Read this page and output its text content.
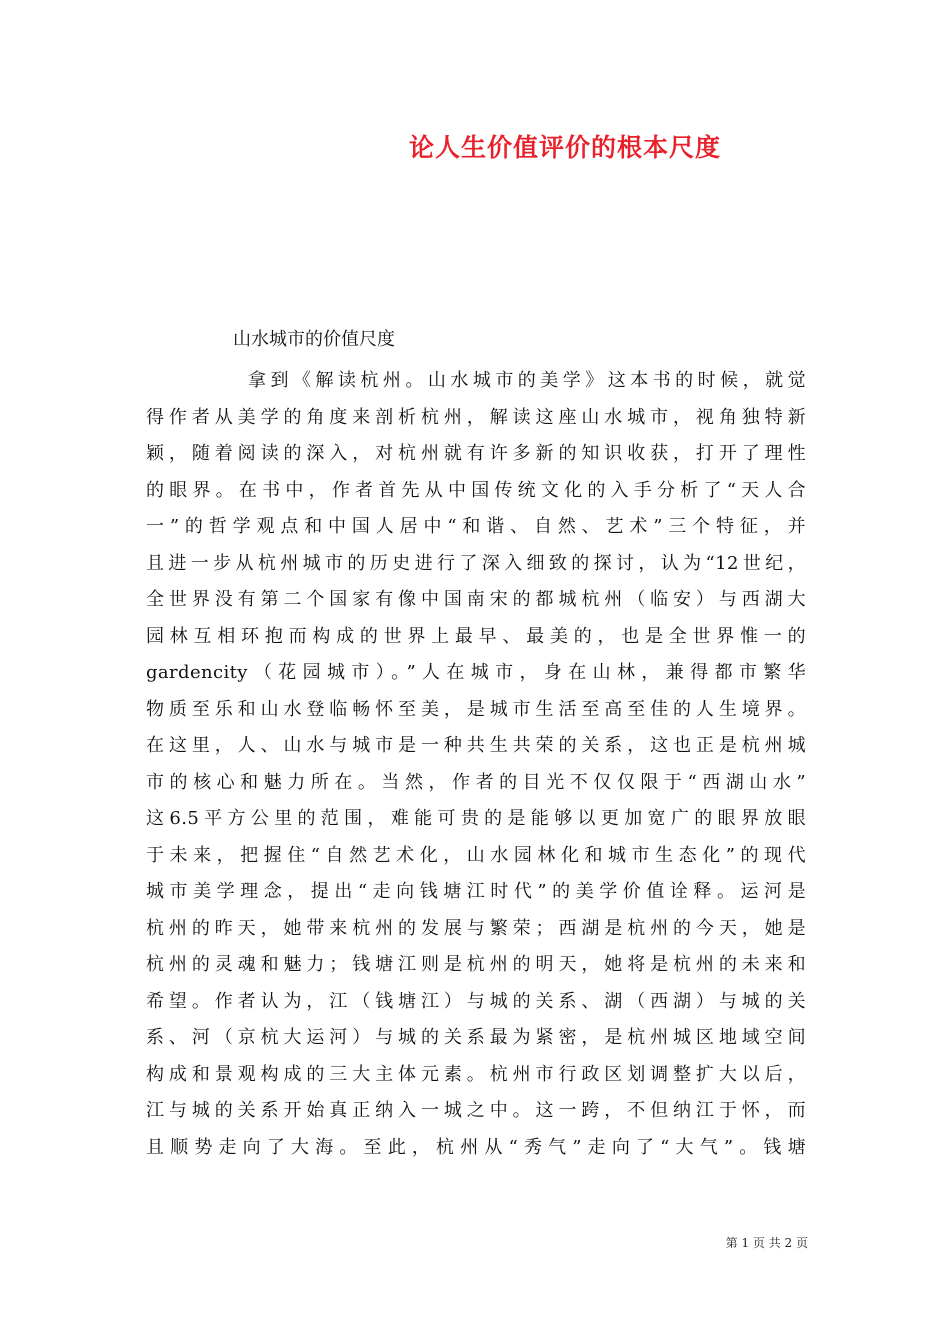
论人生价值评价的根本尺度
山水城市的价值尺度
拿到《解读杭州。山水城市的美学》这本书的时候，就觉
得作者从美学的角度来剖析杭州，解读这座山水城市，视角独特新
颖，随着阅读的深入，对杭州就有许多新的知识收获，打开了理性
的眼界。在书中，作者首先从中国传统文化的入手分析了“天人合
一”的哲学观点和中国人居中“和谐、自然、艺术”三个特征，并
且进一步从杭州城市的历史进行了深入细致的探讨，认为“12世纪，
全世界没有第二个国家有像中国南宋的都城杭州（临安）与西湖大
园林互相环抱而构成的世界上最早、最美的，也是全世界惟一的
gardencity（花园城市）。”人在城市，身在山林，兼得都市繁华
物质至乐和山水登临畅怀至美，是城市生活至高至佳的人生境界。
在这里，人、山水与城市是一种共生共荣的关系，这也正是杭州城
市的核心和魅力所在。当然，作者的目光不仅仅限于“西湖山水”
这6.5平方公里的范围，难能可贵的是能够以更加宽广的眼界放眼
于未来，把握住“自然艺术化，山水园林化和城市生态化”的现代
城市美学理念，提出“走向钱塘江时代”的美学价值诠释。运河是
杭州的昨天，她带来杭州的发展与繁荣；西湖是杭州的今天，她是
杭州的灵魂和魅力；钱塘江则是杭州的明天，她将是杭州的未来和
希望。作者认为，江（钱塘江）与城的关系、湖（西湖）与城的关
系、河（京杭大运河）与城的关系最为紧密，是杭州城区地域空间
构成和景观构成的三大主体元素。杭州市行政区划调整扩大以后，
江与城的关系开始真正纳入一城之中。这一跨，不但纳江于怀，而
且顺势走向了大海。至此，杭州从“秀气”走向了“大气”。钱塘
第 1 页 共 2 页
